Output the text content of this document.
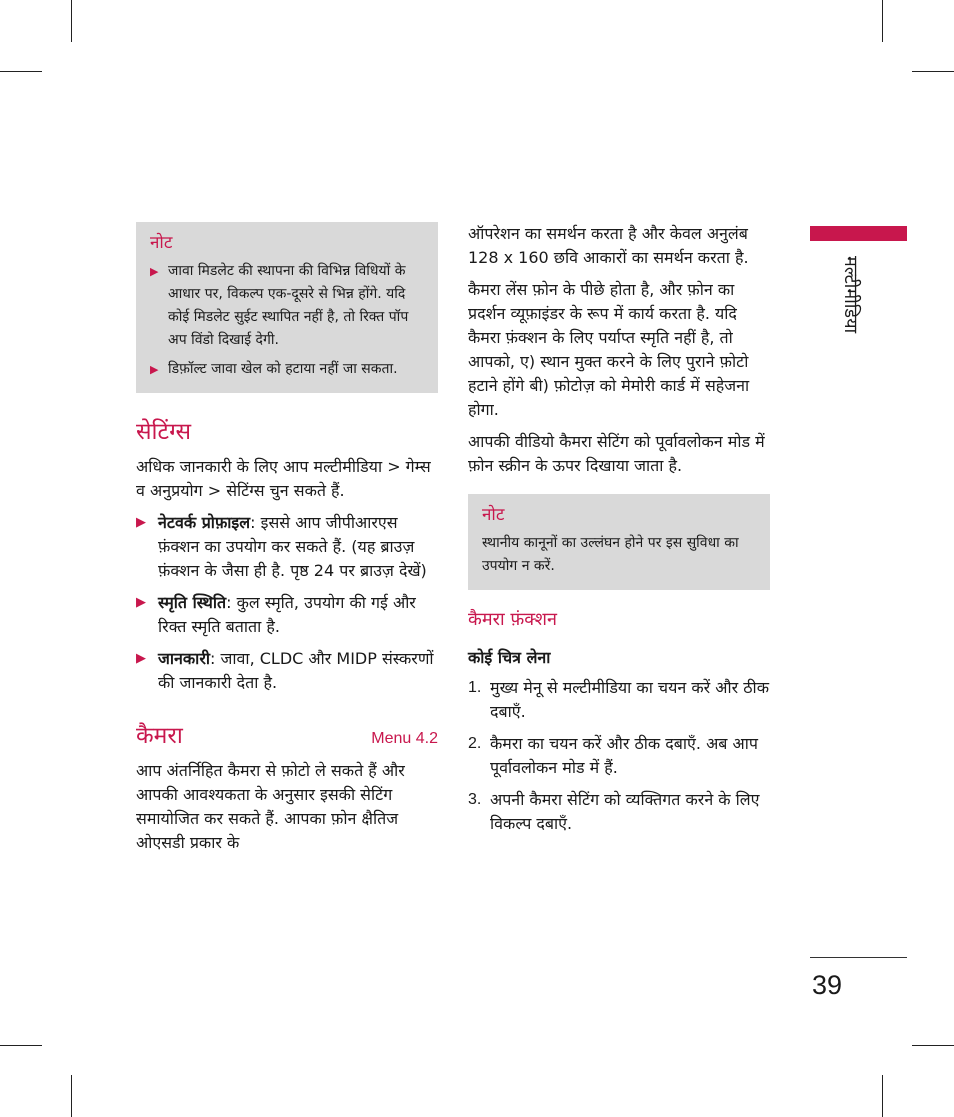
नोट
▶ जावा मिडलेट की स्थापना की विभिन्न विधियों के आधार पर, विकल्प एक-दूसरे से भिन्न होंगे. यदि कोई मिडलेट सुईट स्थापित नहीं है, तो रिक्त पॉप अप विंडो दिखाई देगी.
▶ डिफ़ॉल्ट जावा खेल को हटाया नहीं जा सकता.
सेटिंग्स

अधिक जानकारी के लिए आप मल्टीमीडिया > गेम्स व अनुप्रयोग > सेटिंग्स चुन सकते हैं.

▶ नेटवर्क प्रोफ़ाइल: इससे आप जीपीआरएस फ़ंक्शन का उपयोग कर सकते हैं. (यह ब्राउज़ फ़ंक्शन के जैसा ही है. पृष्ठ 24 पर ब्राउज़ देखें)
▶ स्मृति स्थिति: कुल स्मृति, उपयोग की गई और रिक्त स्मृति बताता है.
▶ जानकारी: जावा, CLDC और MIDP संस्करणों की जानकारी देता है.
कैमरा	Menu 4.2

आप अंतर्निहित कैमरा से फ़ोटो ले सकते हैं और आपकी आवश्यकता के अनुसार इसकी सेटिंग समायोजित कर सकते हैं. आपका फ़ोन क्षैतिज ओएसडी प्रकार के

ऑपरेशन का समर्थन करता है और केवल अनुलंब 128 x 160 छवि आकारों का समर्थन करता है.

कैमरा लेंस फ़ोन के पीछे होता है, और फ़ोन का प्रदर्शन व्यूफ़ाइंडर के रूप में कार्य करता है. यदि कैमरा फ़ंक्शन के लिए पर्याप्त स्मृति नहीं है, तो आपको, ए) स्थान मुक्त करने के लिए पुराने फ़ोटो हटाने होंगे बी) फ़ोटोज़ को मेमोरी कार्ड में सहेजना होगा.

आपकी वीडियो कैमरा सेटिंग को पूर्वावलोकन मोड में फ़ोन स्क्रीन के ऊपर दिखाया जाता है.

नोट
स्थानीय कानूनों का उल्लंघन होने पर इस सुविधा का उपयोग न करें.
कैमरा फ़ंक्शन
कोई चित्र लेना
1. मुख्य मेनू से मल्टीमीडिया का चयन करें और ठीक दबाएँ.
2. कैमरा का चयन करें और ठीक दबाएँ. अब आप पूर्वावलोकन मोड में हैं.
3. अपनी कैमरा सेटिंग को व्यक्तिगत करने के लिए विकल्प दबाएँ.
मल्टीमीडिया
39
